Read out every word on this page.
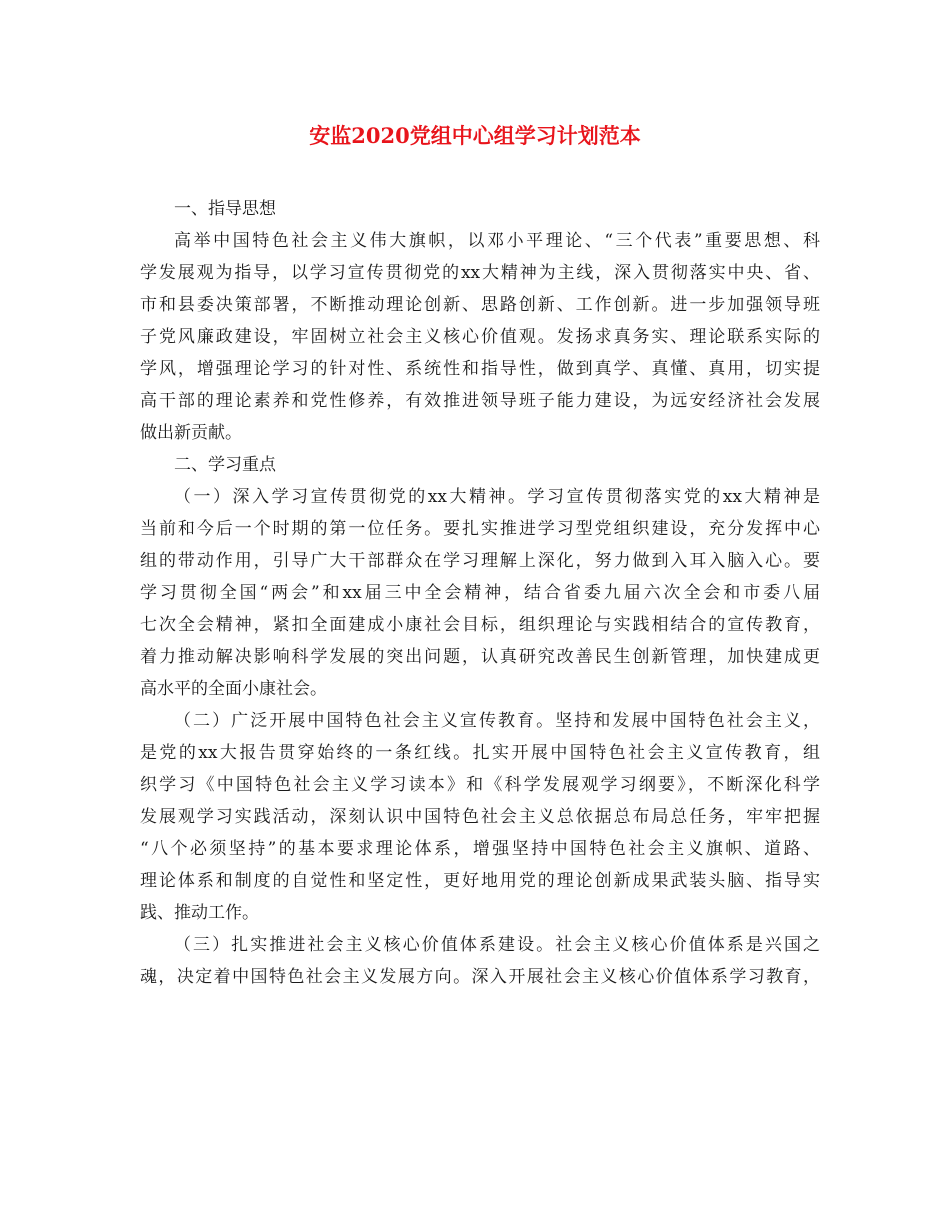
安监2020党组中心组学习计划范本
一、指导思想
高举中国特色社会主义伟大旗帜，以邓小平理论、“三个代表”重要思想、科
学发展观为指导，以学习宣传贯彻党的xx大精神为主线，深入贯彻落实中央、省、
市和县委决策部署，不断推动理论创新、思路创新、工作创新。进一步加强领导班
子党风廉政建设，牢固树立社会主义核心价值观。发扬求真务实、理论联系实际的
学风，增强理论学习的针对性、系统性和指导性，做到真学、真懂、真用，切实提
高干部的理论素养和党性修养，有效推进领导班子能力建设，为远安经济社会发展
做出新贡献。
二、学习重点
（一）深入学习宣传贯彻党的xx大精神。学习宣传贯彻落实党的xx大精神是
当前和今后一个时期的第一位任务。要扎实推进学习型党组织建设，充分发挥中心
组的带动作用，引导广大干部群众在学习理解上深化，努力做到入耳入脑入心。要
学习贯彻全国“两会”和xx届三中全会精神，结合省委九届六次全会和市委八届
七次全会精神，紧扣全面建成小康社会目标，组织理论与实践相结合的宣传教育，
着力推动解决影响科学发展的突出问题，认真研究改善民生创新管理，加快建成更
高水平的全面小康社会。
（二）广泛开展中国特色社会主义宣传教育。坚持和发展中国特色社会主义，
是党的xx大报告贯穿始终的一条红线。扎实开展中国特色社会主义宣传教育，组
织学习《中国特色社会主义学习读本》和《科学发展观学习纲要》，不断深化科学
发展观学习实践活动，深刻认识中国特色社会主义总依据总布局总任务，牢牢把握
“八个必须坚持”的基本要求理论体系，增强坚持中国特色社会主义旗帜、道路、
理论体系和制度的自觉性和坚定性，更好地用党的理论创新成果武装头脑、指导实
践、推动工作。
（三）扎实推进社会主义核心价值体系建设。社会主义核心价值体系是兴国之
魂，决定着中国特色社会主义发展方向。深入开展社会主义核心价值体系学习教育，
